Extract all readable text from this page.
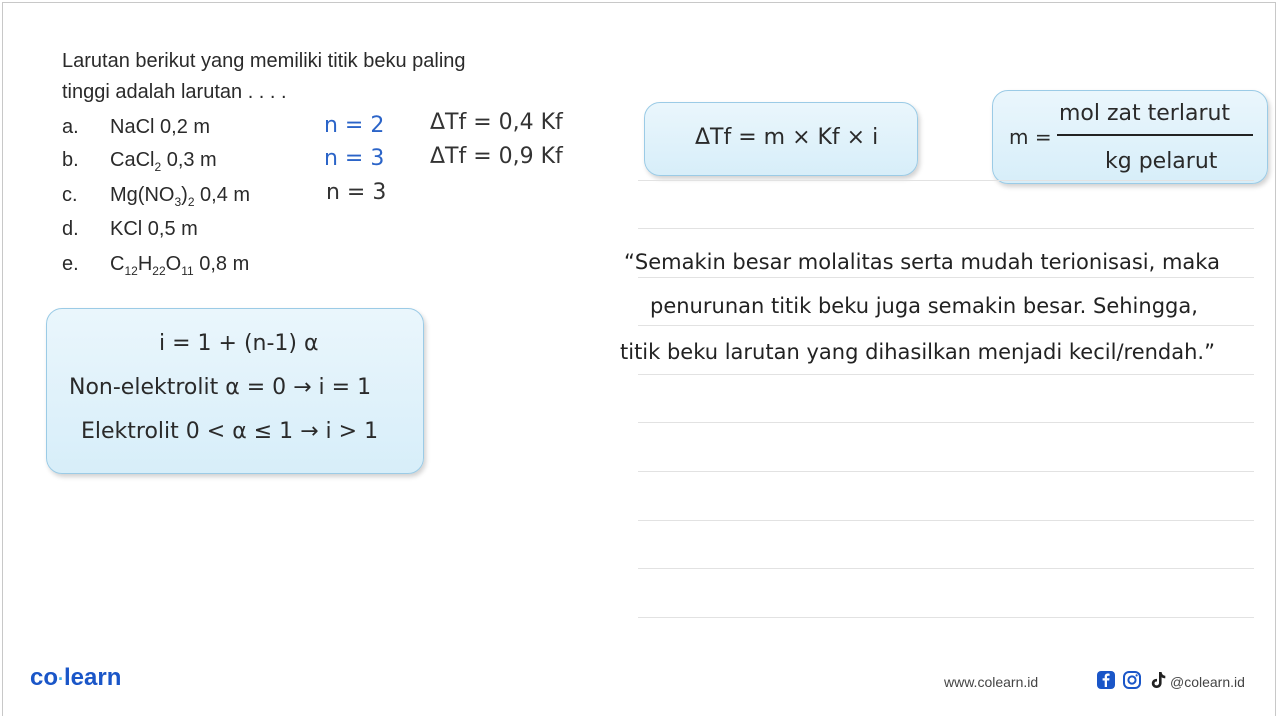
Larutan berikut yang memiliki titik beku paling tinggi adalah larutan . . . .
a. NaCl 0,2 m
b. CaCl$_2$ 0,3 m
c. $Mg(NO_3)_2$ 0,4 m
d. KCl 0,5 m
e. $C_{12}H_{22}O_{11}$ 0,8 m
n = 2
n = 3
n = 3
ΔTf = 0,4 Kf
ΔTf = 0,9 Kf
ΔTf = m × Kf × i	m =
mol zat terlarut
kg pelarut
i = 1 + (n-1) α
Non-elektrolit α = 0 → i = 1
Elektrolit 0 < α ≤ 1 → i > 1
“Semakin besar molalitas serta mudah terionisasi, maka
penurunan titik beku juga semakin besar. Sehingga,
titik beku larutan yang dihasilkan menjadi kecil/rendah.”
co·learn	www.colearn.id	@colearn.id
